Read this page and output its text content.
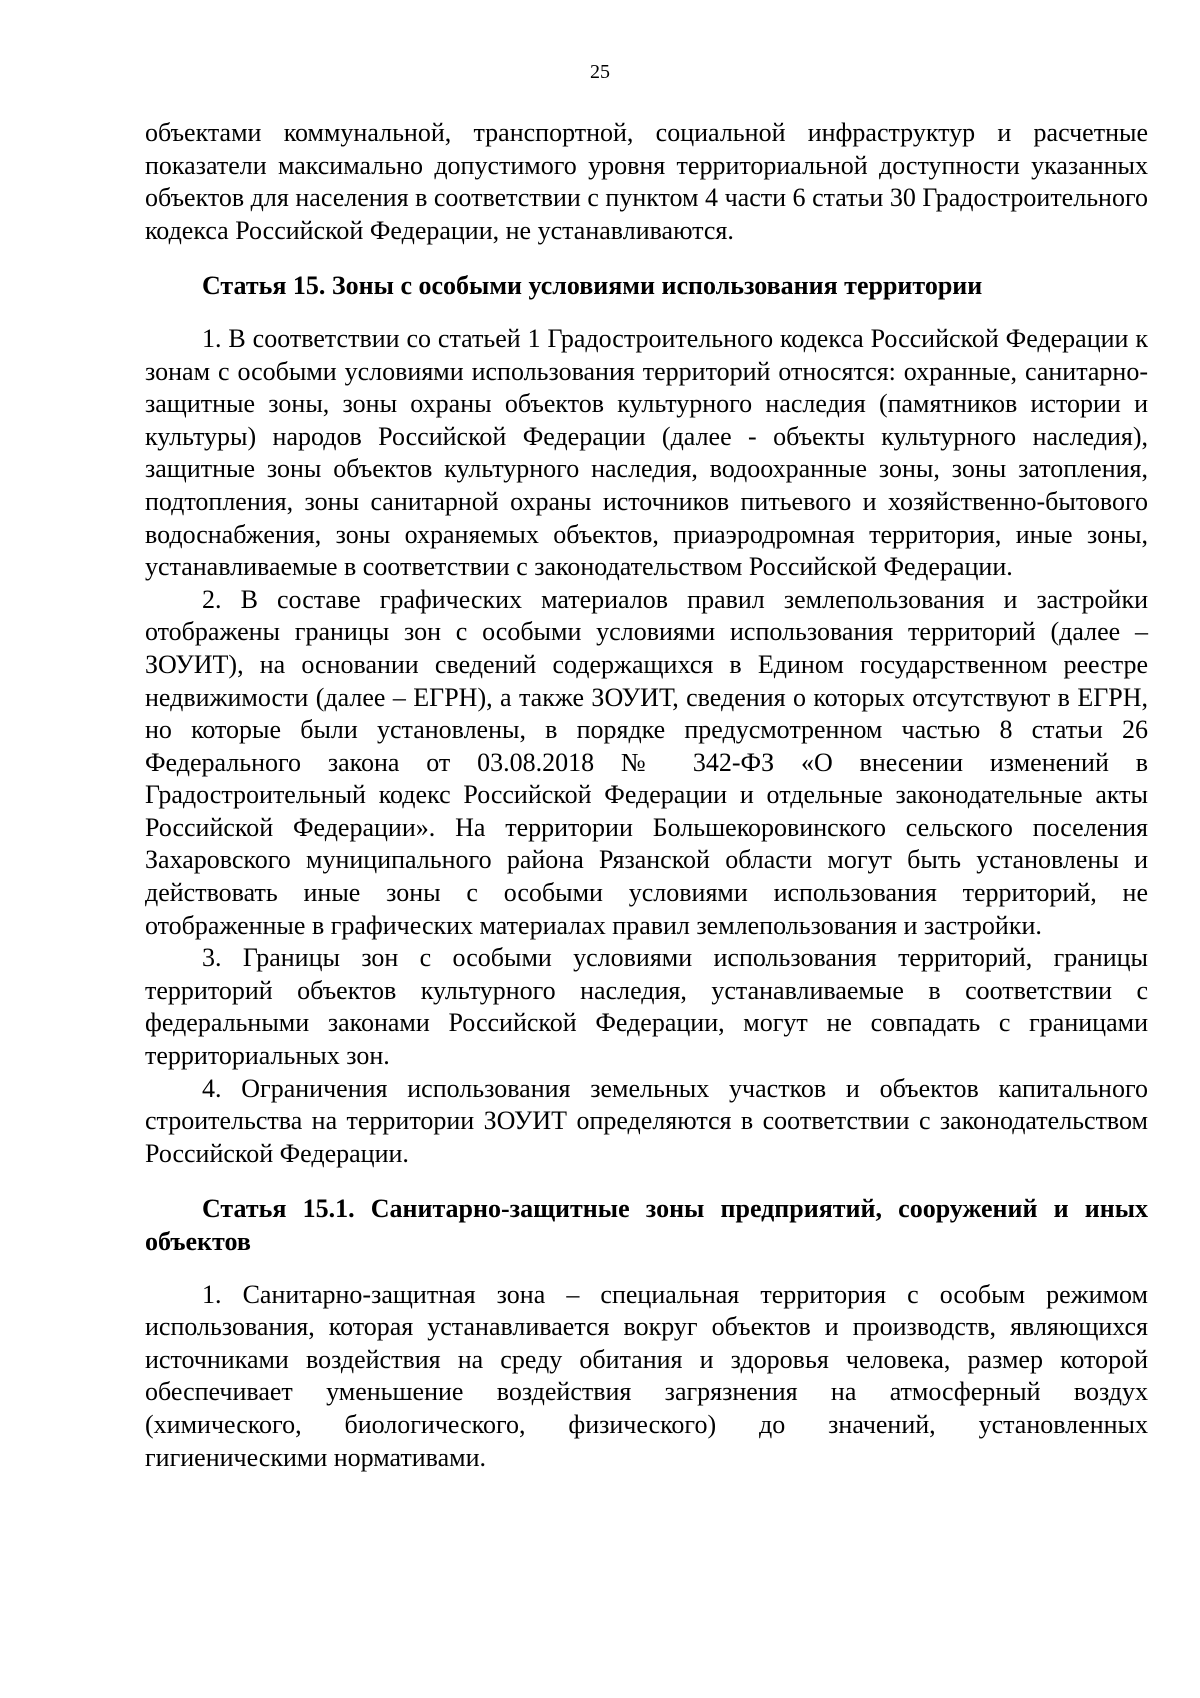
25

объектами коммунальной, транспортной, социальной инфраструктур и расчетные показатели максимально допустимого уровня территориальной доступности указанных объектов для населения в соответствии с пунктом 4 части 6 статьи 30 Градостроительного кодекса Российской Федерации, не устанавливаются.

Статья 15. Зоны с особыми условиями использования территории

1. В соответствии со статьей 1 Градостроительного кодекса Российской Федерации к зонам с особыми условиями использования территорий относятся: охранные, санитарно-защитные зоны, зоны охраны объектов культурного наследия (памятников истории и культуры) народов Российской Федерации (далее - объекты культурного наследия), защитные зоны объектов культурного наследия, водоохранные зоны, зоны затопления, подтопления, зоны санитарной охраны источников питьевого и хозяйственно-бытового водоснабжения, зоны охраняемых объектов, приаэродромная территория, иные зоны, устанавливаемые в соответствии с законодательством Российской Федерации.

2. В составе графических материалов правил землепользования и застройки отображены границы зон с особыми условиями использования территорий (далее – ЗОУИТ), на основании сведений содержащихся в Едином государственном реестре недвижимости (далее – ЕГРН), а также ЗОУИТ, сведения о которых отсутствуют в ЕГРН, но которые были установлены, в порядке предусмотренном частью 8 статьи 26 Федерального закона от 03.08.2018 № 342-ФЗ «О внесении изменений в Градостроительный кодекс Российской Федерации и отдельные законодательные акты Российской Федерации». На территории Большекоровинского сельского поселения Захаровского муниципального района Рязанской области могут быть установлены и действовать иные зоны с особыми условиями использования территорий, не отображенные в графических материалах правил землепользования и застройки.

3. Границы зон с особыми условиями использования территорий, границы территорий объектов культурного наследия, устанавливаемые в соответствии с федеральными законами Российской Федерации, могут не совпадать с границами территориальных зон.

4. Ограничения использования земельных участков и объектов капитального строительства на территории ЗОУИТ определяются в соответствии с законодательством Российской Федерации.

Статья 15.1. Санитарно-защитные зоны предприятий, сооружений и иных объектов

1. Санитарно-защитная зона – специальная территория с особым режимом использования, которая устанавливается вокруг объектов и производств, являющихся источниками воздействия на среду обитания и здоровья человека, размер которой обеспечивает уменьшение воздействия загрязнения на атмосферный воздух (химического, биологического, физического) до значений, установленных гигиеническими нормативами.
